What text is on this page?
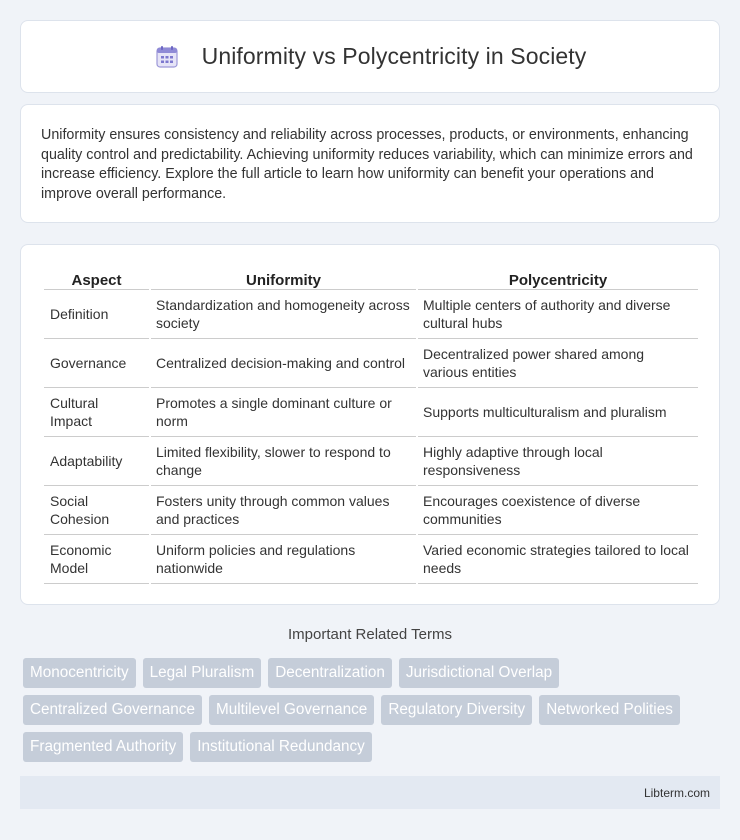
Uniformity vs Polycentricity in Society

Uniformity ensures consistency and reliability across processes, products, or environments, enhancing quality control and predictability. Achieving uniformity reduces variability, which can minimize errors and increase efficiency. Explore the full article to learn how uniformity can benefit your operations and improve overall performance.

Aspect	Uniformity	Polycentricity
Definition	Standardization and homogeneity across society	Multiple centers of authority and diverse cultural hubs
Governance	Centralized decision-making and control	Decentralized power shared among various entities
Cultural Impact	Promotes a single dominant culture or norm	Supports multiculturalism and pluralism
Adaptability	Limited flexibility, slower to respond to change	Highly adaptive through local responsiveness
Social Cohesion	Fosters unity through common values and practices	Encourages coexistence of diverse communities
Economic Model	Uniform policies and regulations nationwide	Varied economic strategies tailored to local needs
Important Related Terms
Monocentricity	Legal Pluralism	Decentralization	Jurisdictional Overlap
Centralized Governance	Multilevel Governance	Regulatory Diversity	Networked Polities
Fragmented Authority	Institutional Redundancy
Libterm.com
